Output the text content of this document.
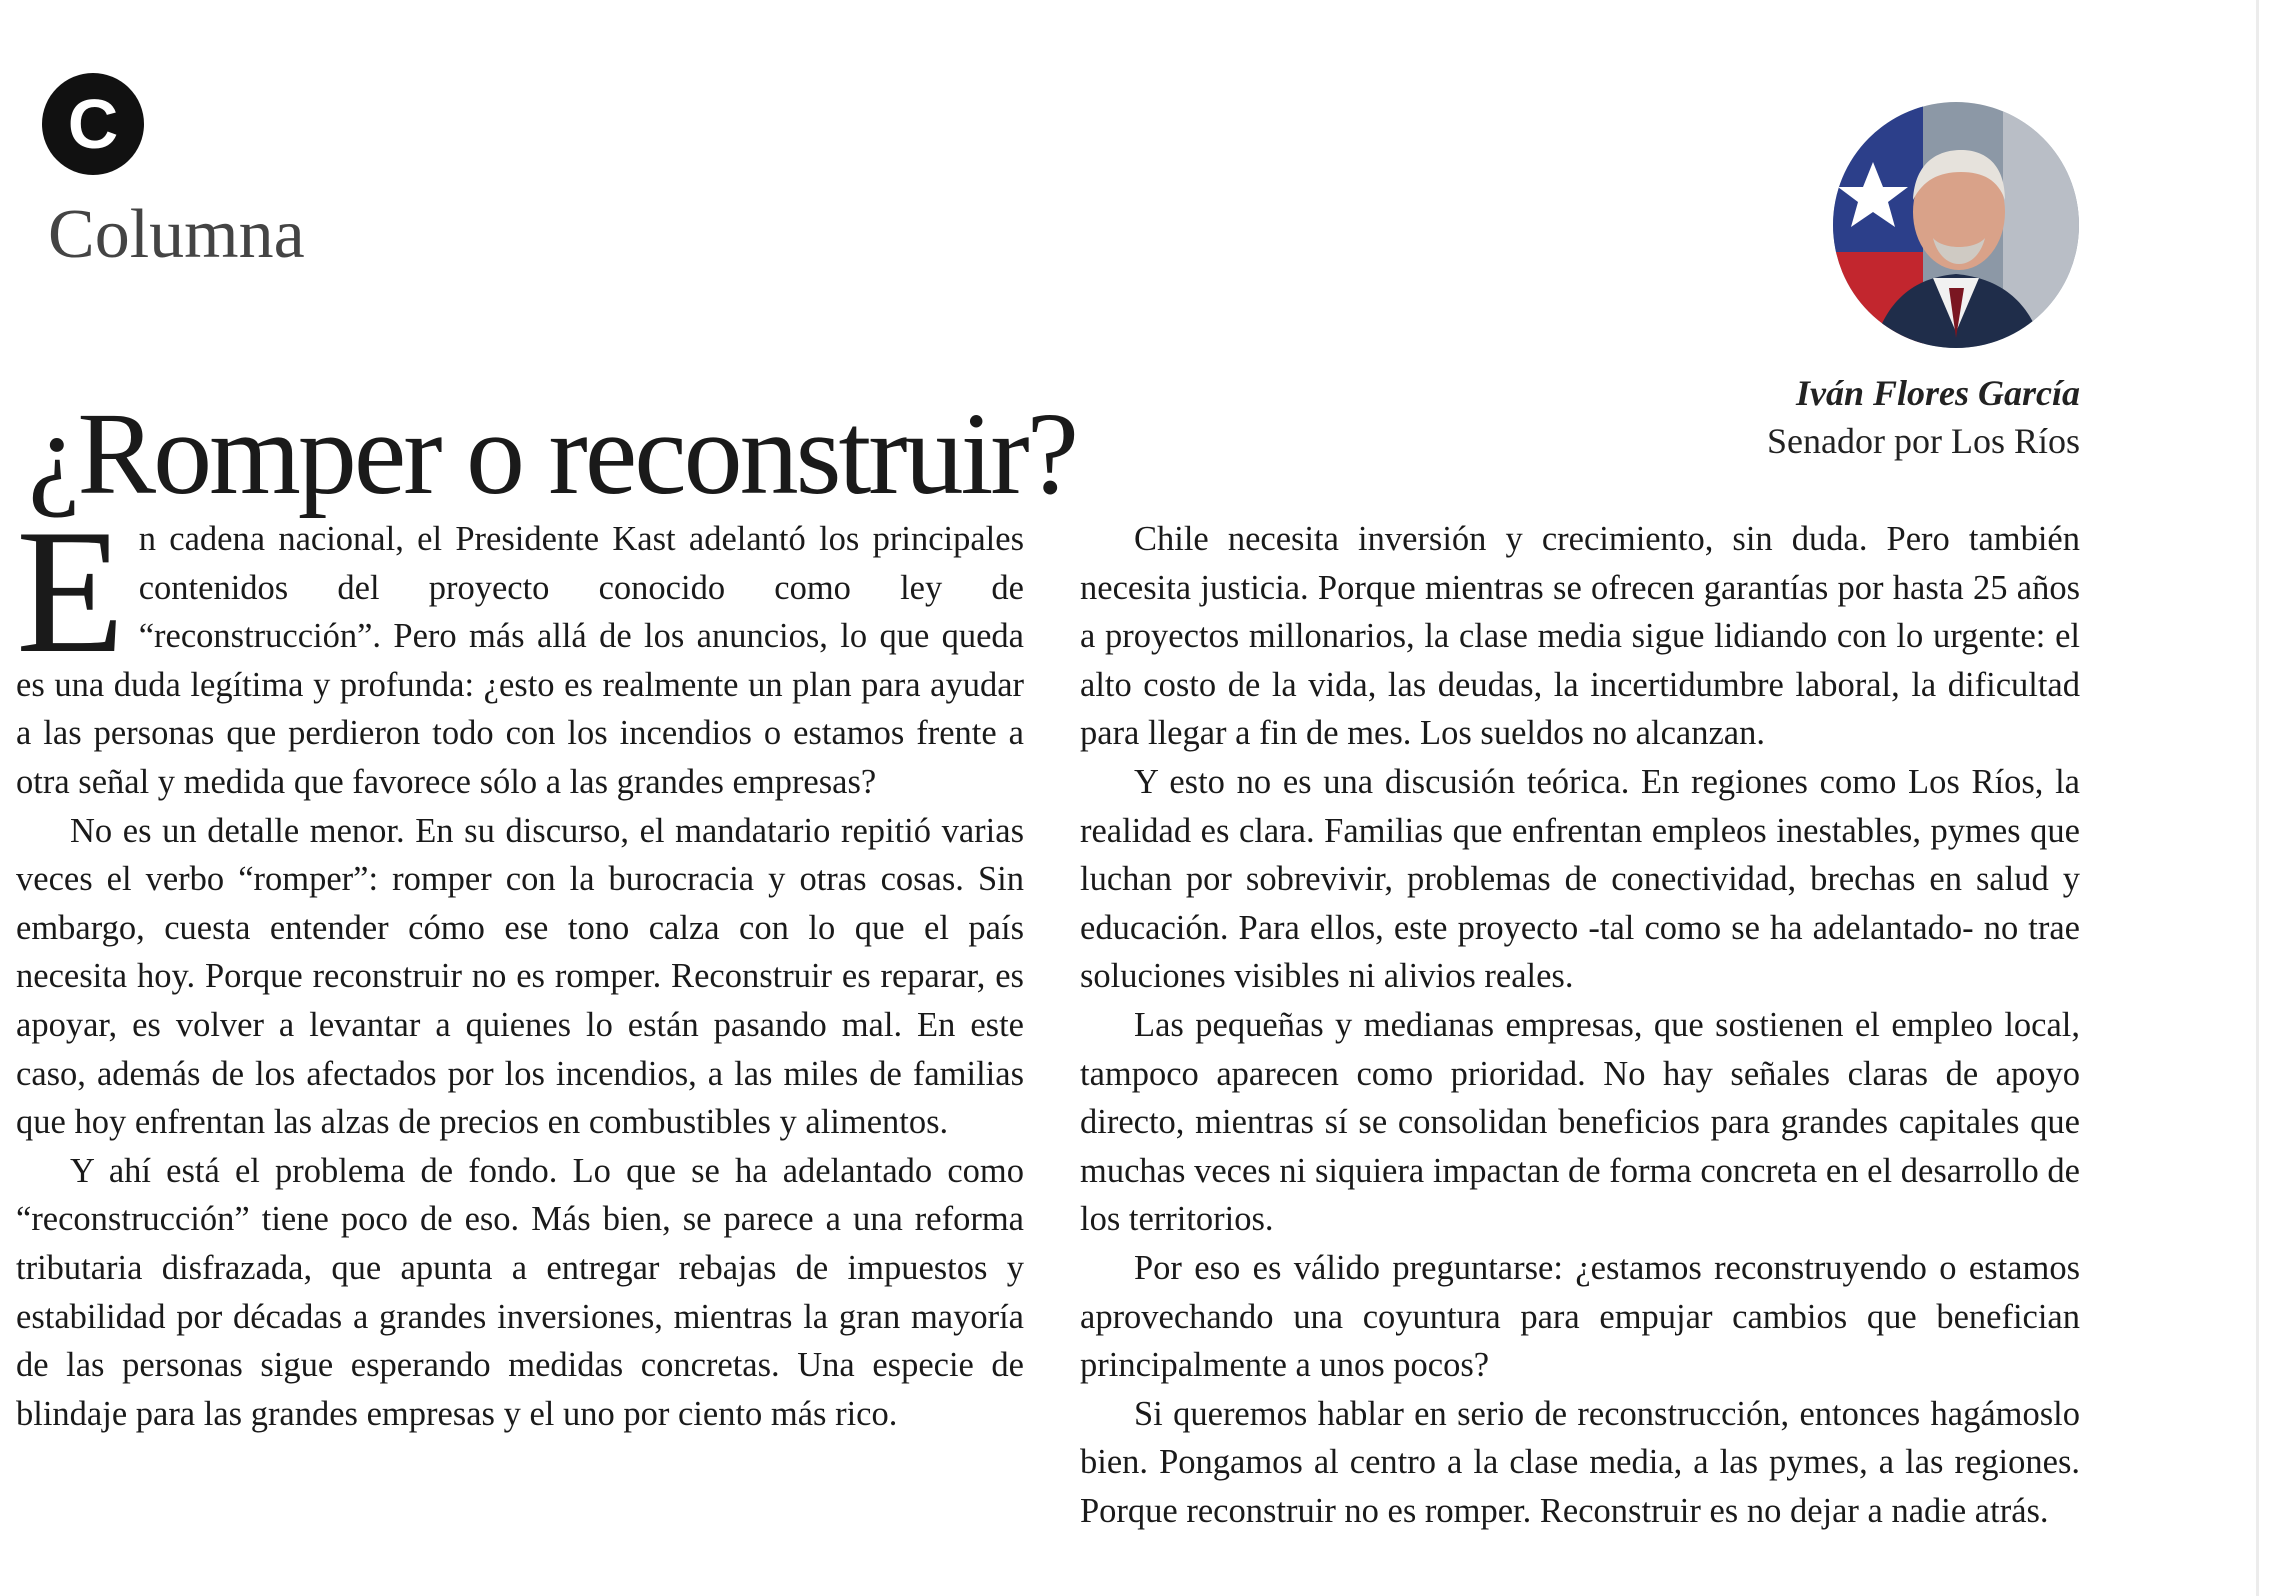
C
Columna
¿Romper o reconstruir?	Iván Flores García
Senador por Los Ríos

En cadena nacional, el Presidente Kast adelantó los principales contenidos del proyecto conocido como ley de “reconstrucción”. Pero más allá de los anuncios, lo que queda es una duda legítima y profunda: ¿esto es realmente un plan para ayudar a las personas que perdieron todo con los incendios o estamos frente a otra señal y medida que favorece sólo a las grandes empresas?

No es un detalle menor. En su discurso, el mandatario repitió varias veces el verbo “romper”: romper con la burocracia y otras cosas. Sin embargo, cuesta entender cómo ese tono calza con lo que el país necesita hoy. Porque reconstruir no es romper. Reconstruir es reparar, es apoyar, es volver a levantar a quienes lo están pasando mal. En este caso, además de los afectados por los incendios, a las miles de familias que hoy enfrentan las alzas de precios en combustibles y alimentos.

Y ahí está el problema de fondo. Lo que se ha adelantado como “reconstrucción” tiene poco de eso. Más bien, se parece a una reforma tributaria disfrazada, que apunta a entregar rebajas de impuestos y estabilidad por décadas a grandes inversiones, mientras la gran mayoría de las personas sigue esperando medidas concretas. Una especie de blindaje para las grandes empresas y el uno por ciento más rico.

Chile necesita inversión y crecimiento, sin duda. Pero también necesita justicia. Porque mientras se ofrecen garantías por hasta 25 años a proyectos millonarios, la clase media sigue lidiando con lo urgente: el alto costo de la vida, las deudas, la incertidumbre laboral, la dificultad para llegar a fin de mes. Los sueldos no alcanzan.

Y esto no es una discusión teórica. En regiones como Los Ríos, la realidad es clara. Familias que enfrentan empleos inestables, pymes que luchan por sobrevivir, problemas de conectividad, brechas en salud y educación. Para ellos, este proyecto -tal como se ha adelantado- no trae soluciones visibles ni alivios reales.

Las pequeñas y medianas empresas, que sostienen el empleo local, tampoco aparecen como prioridad. No hay señales claras de apoyo directo, mientras sí se consolidan beneficios para grandes capitales que muchas veces ni siquiera impactan de forma concreta en el desarrollo de los territorios.

Por eso es válido preguntarse: ¿estamos reconstruyendo o estamos aprovechando una coyuntura para empujar cambios que benefician principalmente a unos pocos?

Si queremos hablar en serio de reconstrucción, entonces hagámoslo bien. Pongamos al centro a la clase media, a las pymes, a las regiones. Porque reconstruir no es romper. Reconstruir es no dejar a nadie atrás.
